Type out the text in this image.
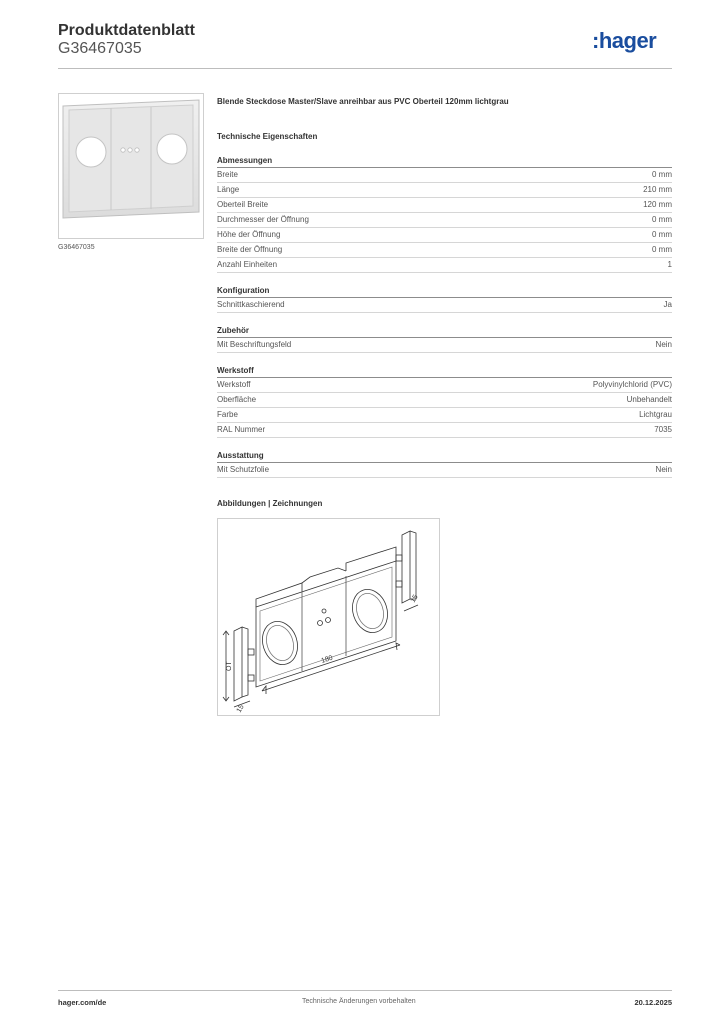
Produktdatenblatt
G36467035	:hager
G36467035
Blende Steckdose Master/Slave anreihbar aus PVC Oberteil 120mm lichtgrau
Technische Eigenschaften
Abmessungen
Breite	0 mm
Länge	210 mm
Oberteil Breite	120 mm
Durchmesser der Öffnung	0 mm
Höhe der Öffnung	0 mm
Breite der Öffnung	0 mm
Anzahl Einheiten	1
Konfiguration
Schnittkaschierend	Ja
Zubehör
Mit Beschriftungsfeld	Nein
Werkstoff
Werkstoff	Polyvinylchlorid (PVC)
Oberfläche	Unbehandelt
Farbe	Lichtgrau
RAL Nummer	7035
Ausstattung
Mit Schutzfolie	Nein
Abbildungen | Zeichnungen
180
15
15
OT
hager.com/de	Technische Änderungen vorbehalten	20.12.2025
